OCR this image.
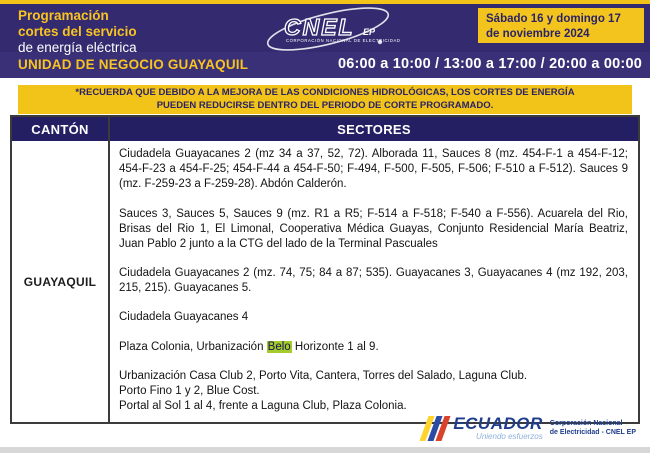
Programación
cortes del servicio
de energía eléctrica
CNEL EP
CORPORACIÓN NACIONAL DE ELECTRICIDAD
UNIDAD DE NEGOCIO GUAYAQUIL
Sábado 16 y domingo 17 de noviembre 2024
06:00 a 10:00 / 13:00 a 17:00 / 20:00 a 00:00
*RECUERDA QUE DEBIDO A LA MEJORA DE LAS CONDICIONES HIDROLÓGICAS, LOS CORTES DE ENERGÍA
PUEDEN REDUCIRSE DENTRO DEL PERIODO DE CORTE PROGRAMADO.
CANTÓN	SECTORES
GUAYAQUIL

Ciudadela Guayacanes 2 (mz 34 a 37, 52, 72). Alborada 11, Sauces 8 (mz. 454-F-1 a 454-F-12; 454-F-23 a 454-F-25; 454-F-44 a 454-F-50; F-494, F-500, F-505, F-506; F-510 a F-512). Sauces 9 (mz. F-259-23 a F-259-28). Abdón Calderón.

Sauces 3, Sauces 5, Sauces 9 (mz. R1 a R5; F-514 a F-518; F-540 a F-556). Acuarela del Rio, Brisas del Rio 1, El Limonal, Cooperativa Médica Guayas, Conjunto Residencial María Beatriz, Juan Pablo 2 junto a la CTG del lado de la Terminal Pascuales

Ciudadela Guayacanes 2 (mz. 74, 75; 84 a 87; 535). Guayacanes 3, Guayacanes 4 (mz 192, 203, 215, 215). Guayacanes 5.

Ciudadela Guayacanes 4

Plaza Colonia, Urbanización Belo Horizonte 1 al 9.

Urbanización Casa Club 2, Porto Vita, Cantera, Torres del Salado, Laguna Club.
Porto Fino 1 y 2, Blue Cost.
Portal al Sol 1 al 4, frente a Laguna Club, Plaza Colonia.

ECUADOR
Uniendo esfuerzos
Corporación Nacional
de Electricidad - CNEL EP
